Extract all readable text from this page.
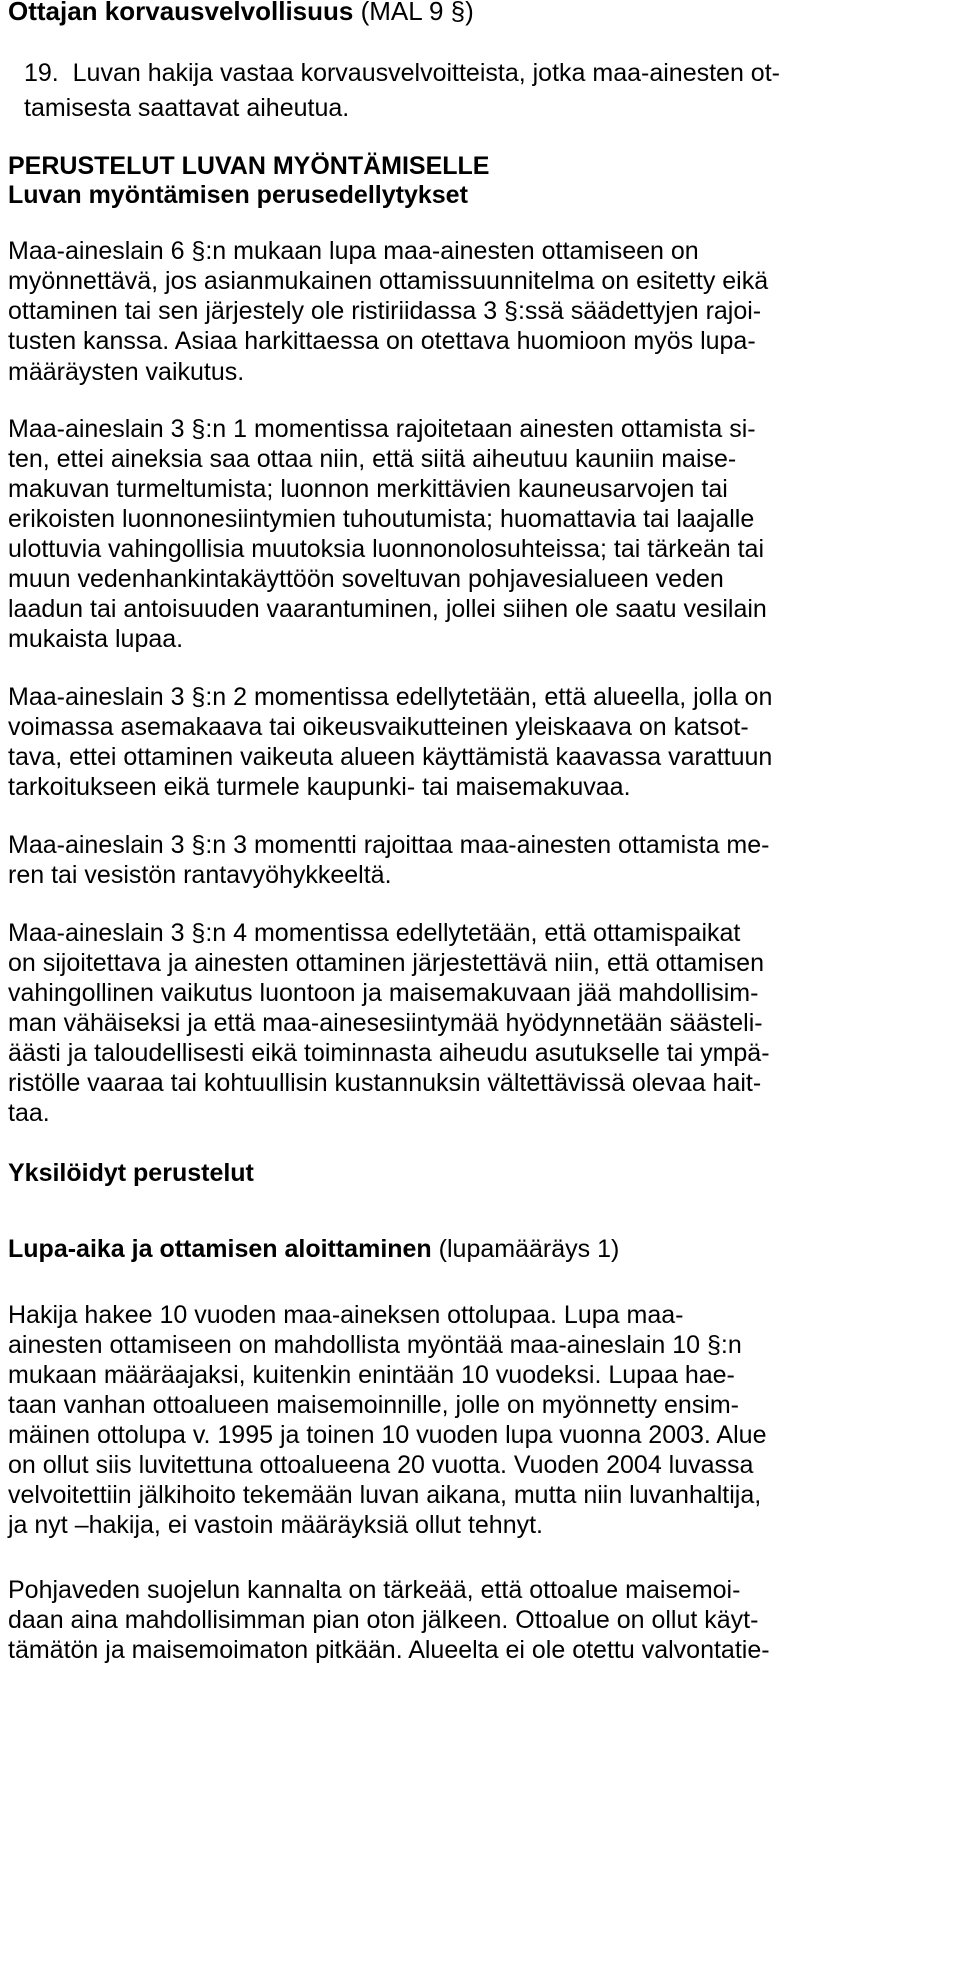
Ottajan korvausvelvollisuus (MAL 9 §)

19.  Luvan hakija vastaa korvausvelvoitteista, jotka maa-ainesten ot-

tamisesta saattavat aiheutua.

PERUSTELUT LUVAN MYÖNTÄMISELLE

Luvan myöntämisen perusedellytykset

Maa-aineslain 6 §:n mukaan lupa maa-ainesten ottamiseen on

myönnettävä, jos asianmukainen ottamissuunnitelma on esitetty eikä

ottaminen tai sen järjestely ole ristiriidassa 3 §:ssä säädettyjen rajoi-

tusten kanssa. Asiaa harkittaessa on otettava huomioon myös lupa-

määräysten vaikutus.

Maa-aineslain 3 §:n 1 momentissa rajoitetaan ainesten ottamista si-

ten, ettei aineksia saa ottaa niin, että siitä aiheutuu kauniin maise-

makuvan turmeltumista; luonnon merkittävien kauneusarvojen tai

erikoisten luonnonesiintymien tuhoutumista; huomattavia tai laajalle

ulottuvia vahingollisia muutoksia luonnonolosuhteissa; tai tärkeän tai

muun vedenhankintakäyttöön soveltuvan pohjavesialueen veden

laadun tai antoisuuden vaarantuminen, jollei siihen ole saatu vesilain

mukaista lupaa.

Maa-aineslain 3 §:n 2 momentissa edellytetään, että alueella, jolla on

voimassa asemakaava tai oikeusvaikutteinen yleiskaava on katsot-

tava, ettei ottaminen vaikeuta alueen käyttämistä kaavassa varattuun

tarkoitukseen eikä turmele kaupunki- tai maisemakuvaa.

Maa-aineslain 3 §:n 3 momentti rajoittaa maa-ainesten ottamista me-

ren tai vesistön rantavyöhykkeeltä.

Maa-aineslain 3 §:n 4 momentissa edellytetään, että ottamispaikat

on sijoitettava ja ainesten ottaminen järjestettävä niin, että ottamisen

vahingollinen vaikutus luontoon ja maisemakuvaan jää mahdollisim-

man vähäiseksi ja että maa-ainesesiintymää hyödynnetään säästeli-

äästi ja taloudellisesti eikä toiminnasta aiheudu asutukselle tai ympä-

ristölle vaaraa tai kohtuullisin kustannuksin vältettävissä olevaa hait-

taa.

Yksilöidyt perustelut

Lupa-aika ja ottamisen aloittaminen (lupamääräys 1)

Hakija hakee 10 vuoden maa-aineksen ottolupaa. Lupa maa-

ainesten ottamiseen on mahdollista myöntää maa-aineslain 10 §:n

mukaan määräajaksi, kuitenkin enintään 10 vuodeksi. Lupaa hae-

taan vanhan ottoalueen maisemoinnille, jolle on myönnetty ensim-

mäinen ottolupa v. 1995 ja toinen 10 vuoden lupa vuonna 2003. Alue

on ollut siis luvitettuna ottoalueena 20 vuotta. Vuoden 2004 luvassa

velvoitettiin jälkihoito tekemään luvan aikana, mutta niin luvanhaltija,

ja nyt –hakija, ei vastoin määräyksiä ollut tehnyt.

Pohjaveden suojelun kannalta on tärkeää, että ottoalue maisemoi-

daan aina mahdollisimman pian oton jälkeen. Ottoalue on ollut käyt-

tämätön ja maisemoimaton pitkään. Alueelta ei ole otettu valvontatie-
